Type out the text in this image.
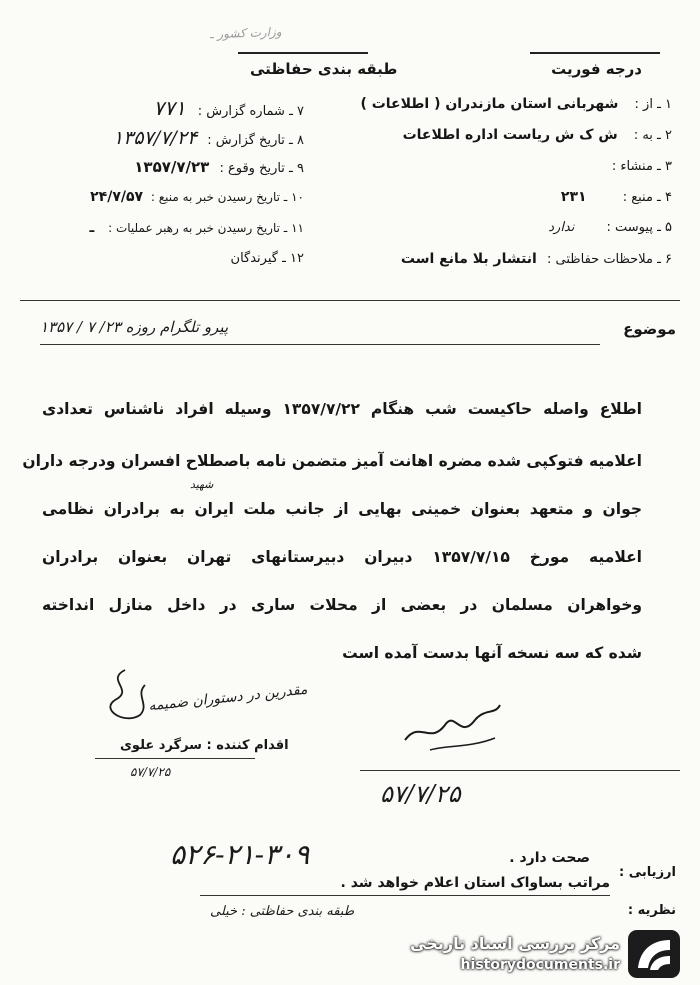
وزارت کشور ـ
درجه فوریت
طبقه بندی حفاظتی
۱ ـ از : شهربانی استان مازندران ( اطلاعات )
۲ ـ به : ش ک ش ریاست اداره اطلاعات
۳ ـ منشاء :
۴ ـ منبع : ۲۳۱
۵ ـ پیوست : ندارد
۶ ـ ملاحظات حفاظتی : انتشار بلا مانع است
۷ ـ شماره گزارش : ۷۷۱
۸ ـ تاریخ گزارش : ۱۳۵۷/۷/۲۴
۹ ـ تاریخ وقوع : ۱۳۵۷/۷/۲۳
۱۰ ـ تاریخ رسیدن خبر به منبع : ۲۴/۷/۵۷
۱۱ ـ تاریخ رسیدن خبر به رهبر عملیات : ـ
۱۲ ـ گیرندگان
موضوع
پیرو تلگرام روزه ۲۳/ ۷ / ۱۳۵۷
شهید
اطلاع واصله حاکیست شب هنگام ۱۳۵۷/۷/۲۲ وسیله افراد ناشناس تعدادی
اعلامیه فتوکپی شده مضره اهانت آمیز متضمن نامه باصطلاح افسران ودرجه داران
جوان و متعهد بعنوان خمینی بهایی از جانب ملت ایران به برادران نظامی
اعلامیه مورخ ۱۳۵۷/۷/۱۵ دبیران دبیرستانهای تهران بعنوان برادران
وخواهران مسلمان در بعضی از محلات ساری در داخل منازل انداخته
شده که سه نسخه آنها بدست آمده است
مقدرین در دستوران ضمیمه
اقدام کننده : سرگرد علوی
۵۷/۷/۲۵
۵۷/۷/۲۵
۵۲۶-۲۱-۳۰۹
ارزیابی :
صحت دارد .
مراتب بساواک استان اعلام خواهد شد .
نظریه :
طبقه بندی حفاظتی : خیلی
مرکز بررسی اسناد تاریخی
historydocuments.ir
